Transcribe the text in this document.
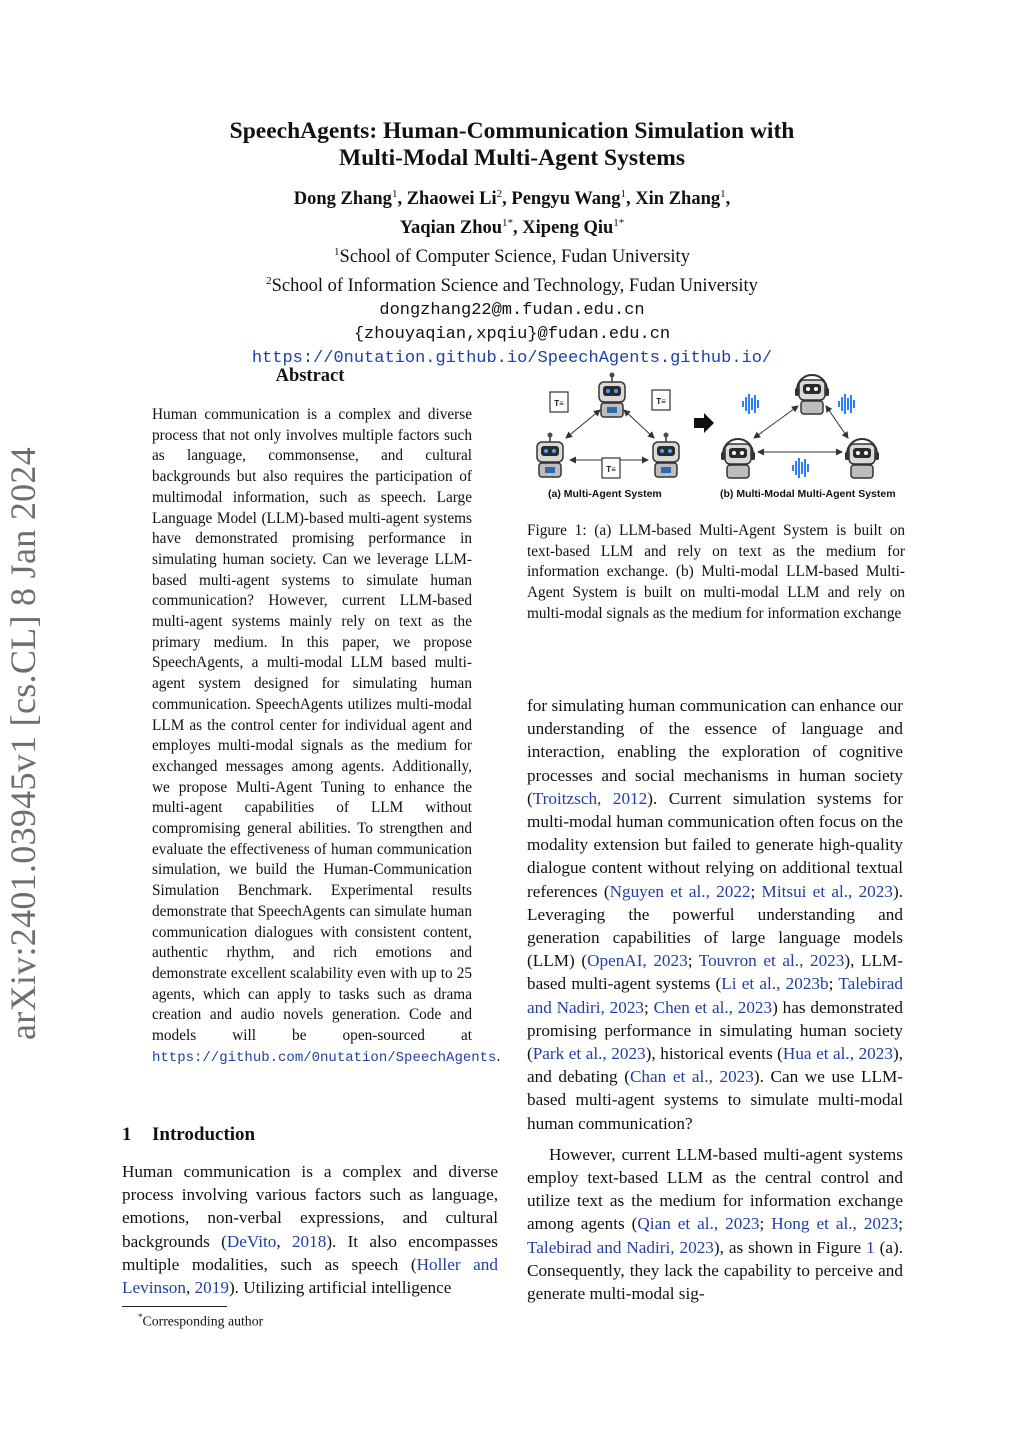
arXiv:2401.03945v1 [cs.CL] 8 Jan 2024
SpeechAgents: Human-Communication Simulation with
Multi-Modal Multi-Agent Systems
Dong Zhang$^1$, Zhaowei Li$^2$, Pengyu Wang$^1$, Xin Zhang$^1$,
Yaqian Zhou$^{1*}$, Xipeng Qiu$^{1*}$
$^1$School of Computer Science, Fudan University
$^2$School of Information Science and Technology, Fudan University
dongzhang22@m.fudan.edu.cn
{zhouyaqian,xpqiu}@fudan.edu.cn
https://0nutation.github.io/SpeechAgents.github.io/
Abstract
Human communication is a complex and diverse process that not only involves multiple factors such as language, commonsense, and cultural backgrounds but also requires the participation of multimodal information, such as speech. Large Language Model (LLM)-based multi-agent systems have demonstrated promising performance in simulating human society. Can we leverage LLM-based multi-agent systems to simulate human communication? However, current LLM-based multi-agent systems mainly rely on text as the primary medium. In this paper, we propose SpeechAgents, a multi-modal LLM based multi-agent system designed for simulating human communication. SpeechAgents utilizes multi-modal LLM as the control center for individual agent and employes multi-modal signals as the medium for exchanged messages among agents. Additionally, we propose Multi-Agent Tuning to enhance the multi-agent capabilities of LLM without compromising general abilities. To strengthen and evaluate the effectiveness of human communication simulation, we build the Human-Communication Simulation Benchmark. Experimental results demonstrate that SpeechAgents can simulate human communication dialogues with consistent content, authentic rhythm, and rich emotions and demonstrate excellent scalability even with up to 25 agents, which can apply to tasks such as drama creation and audio novels generation. Code and models will be open-sourced at https://github.com/0nutation/SpeechAgents.
1 Introduction
Human communication is a complex and diverse process involving various factors such as language, emotions, non-verbal expressions, and cultural backgrounds (DeVito, 2018). It also encompasses multiple modalities, such as speech (Holler and Levinson, 2019). Utilizing artificial intelligence
*Corresponding author
T≡	T≡
T≡
(a) Multi-Agent System	(b) Multi-Modal Multi-Agent System
Figure 1: (a) LLM-based Multi-Agent System is built on text-based LLM and rely on text as the medium for information exchange. (b) Multi-modal LLM-based Multi-Agent System is built on multi-modal LLM and rely on multi-modal signals as the medium for information exchange

for simulating human communication can enhance our understanding of the essence of language and interaction, enabling the exploration of cognitive processes and social mechanisms in human society (Troitzsch, 2012). Current simulation systems for multi-modal human communication often focus on the modality extension but failed to generate high-quality dialogue content without relying on additional textual references (Nguyen et al., 2022; Mitsui et al., 2023). Leveraging the powerful understanding and generation capabilities of large language models (LLM) (OpenAI, 2023; Touvron et al., 2023), LLM-based multi-agent systems (Li et al., 2023b; Talebirad and Nadiri, 2023; Chen et al., 2023) has demonstrated promising performance in simulating human society (Park et al., 2023), historical events (Hua et al., 2023), and debating (Chan et al., 2023). Can we use LLM-based multi-agent systems to simulate multi-modal human communication?

However, current LLM-based multi-agent systems employ text-based LLM as the central control and utilize text as the medium for information exchange among agents (Qian et al., 2023; Hong et al., 2023; Talebirad and Nadiri, 2023), as shown in Figure 1 (a). Consequently, they lack the capability to perceive and generate multi-modal sig-
